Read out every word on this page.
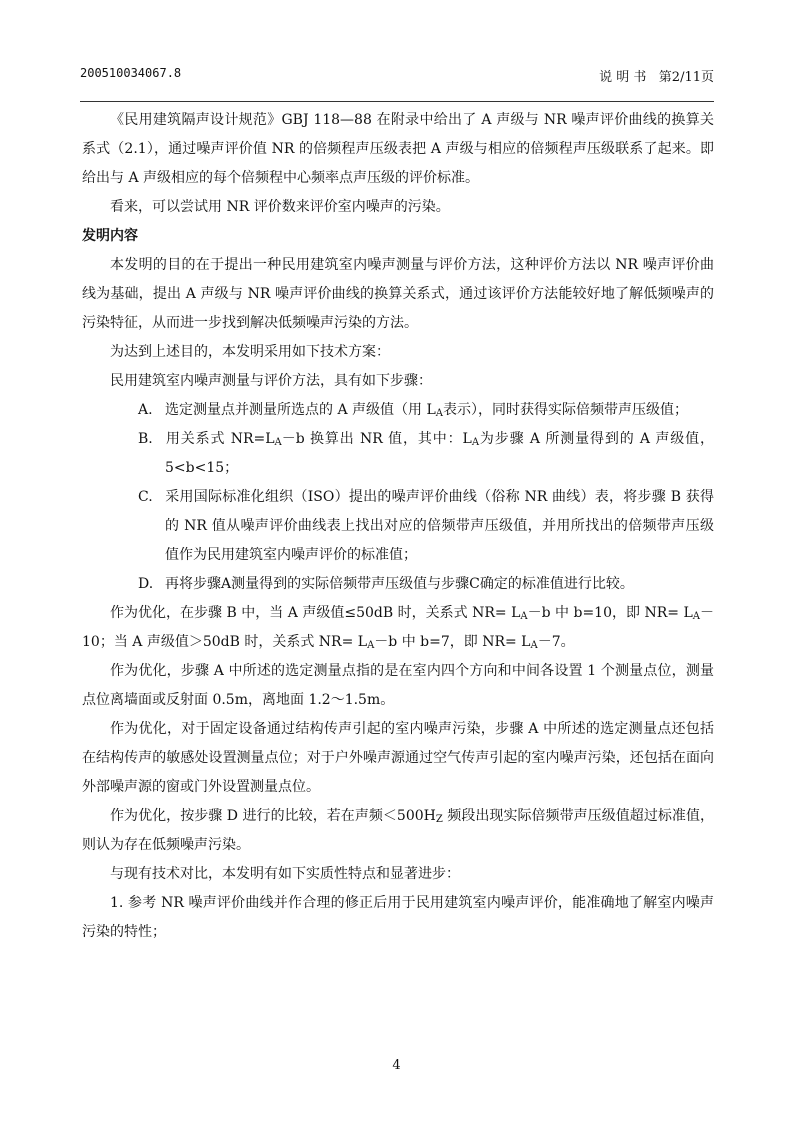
200510034067.8	说 明 书 第2/11页

《民用建筑隔声设计规范》GBJ 118—88 在附录中给出了 A 声级与 NR 噪声评价曲线的换算关系式（2.1），通过噪声评价值 NR 的倍频程声压级表把 A 声级与相应的倍频程声压级联系了起来。即给出与 A 声级相应的每个倍频程中心频率点声压级的评价标准。

看来，可以尝试用 NR 评价数来评价室内噪声的污染。

发明内容

本发明的目的在于提出一种民用建筑室内噪声测量与评价方法，这种评价方法以 NR 噪声评价曲线为基础，提出 A 声级与 NR 噪声评价曲线的换算关系式，通过该评价方法能较好地了解低频噪声的污染特征，从而进一步找到解决低频噪声污染的方法。

为达到上述目的，本发明采用如下技术方案：

民用建筑室内噪声测量与评价方法，具有如下步骤：

A. 选定测量点并测量所选点的 A 声级值（用 $L_A$表示），同时获得实际倍频带声压级值；

B. 用关系式 $NR=L_A-b$ 换算出 NR 值，其中：$L_A$为步骤 A 所测量得到的 A 声级值，5<b<15；

C. 采用国际标准化组织（ISO）提出的噪声评价曲线（俗称 NR 曲线）表，将步骤 B 获得的 NR 值从噪声评价曲线表上找出对应的倍频带声压级值，并用所找出的倍频带声压级值作为民用建筑室内噪声评价的标准值；

D. 再将步骤A测量得到的实际倍频带声压级值与步骤C确定的标准值进行比较。

作为优化，在步骤 B 中，当 A 声级值≤50dB 时，关系式 $NR= L_A-b$ 中 b=10，即 $NR= L_A-10$；当 A 声级值＞50dB 时，关系式 $NR= L_A-b$ 中 b=7，即 $NR= L_A-7$。

作为优化，步骤 A 中所述的选定测量点指的是在室内四个方向和中间各设置 1 个测量点位，测量点位离墙面或反射面 0.5m，离地面 1.2～1.5m。

作为优化，对于固定设备通过结构传声引起的室内噪声污染，步骤 A 中所述的选定测量点还包括在结构传声的敏感处设置测量点位；对于户外噪声源通过空气传声引起的室内噪声污染，还包括在面向外部噪声源的窗或门外设置测量点位。

作为优化，按步骤 D 进行的比较，若在声频$<500H_Z$ 频段出现实际倍频带声压级值超过标准值，则认为存在低频噪声污染。

与现有技术对比，本发明有如下实质性特点和显著进步：

1. 参考 NR 噪声评价曲线并作合理的修正后用于民用建筑室内噪声评价，能准确地了解室内噪声污染的特性；

4
